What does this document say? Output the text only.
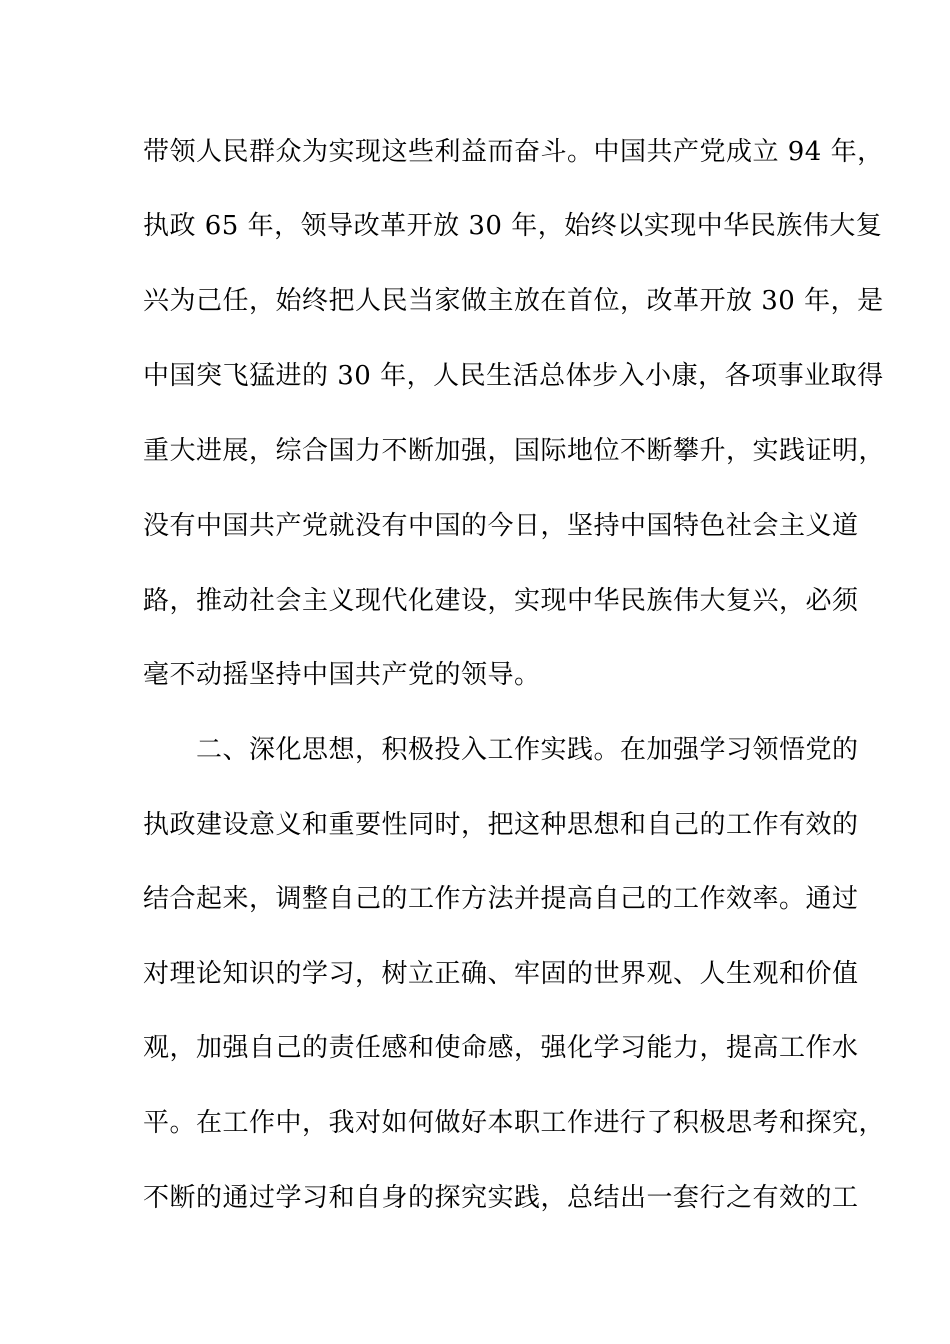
带领人民群众为实现这些利益而奋斗。中国共产党成立 94 年，
执政 65 年，领导改革开放 30 年，始终以实现中华民族伟大复
兴为己任，始终把人民当家做主放在首位，改革开放 30 年，是
中国突飞猛进的 30 年，人民生活总体步入小康，各项事业取得
重大进展，综合国力不断加强，国际地位不断攀升，实践证明，
没有中国共产党就没有中国的今日，坚持中国特色社会主义道
路，推动社会主义现代化建设，实现中华民族伟大复兴，必须
毫不动摇坚持中国共产党的领导。
二、深化思想，积极投入工作实践。在加强学习领悟党的
执政建设意义和重要性同时，把这种思想和自己的工作有效的
结合起来，调整自己的工作方法并提高自己的工作效率。通过
对理论知识的学习，树立正确、牢固的世界观、人生观和价值
观，加强自己的责任感和使命感，强化学习能力，提高工作水
平。在工作中，我对如何做好本职工作进行了积极思考和探究，
不断的通过学习和自身的探究实践，总结出一套行之有效的工
